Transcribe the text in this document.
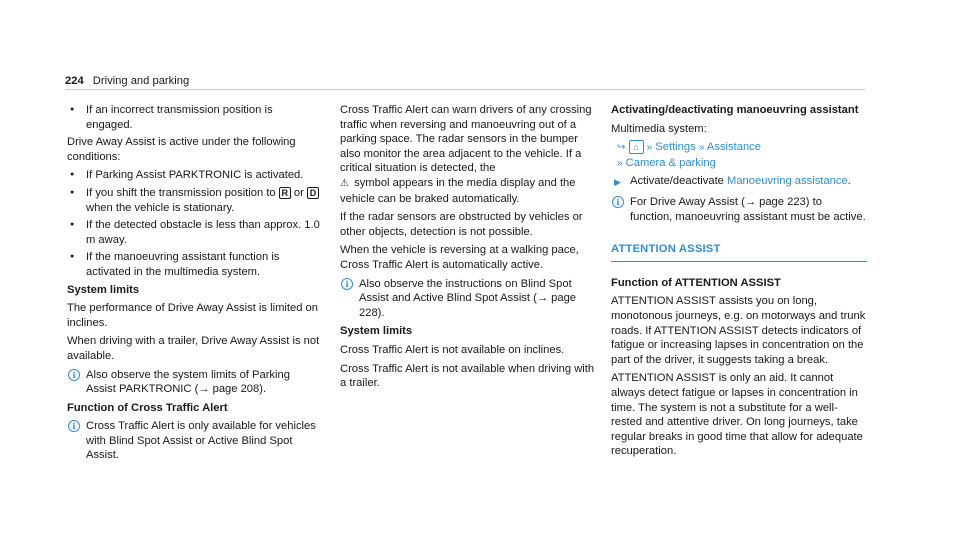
224 Driving and parking
● If an incorrect transmission position is engaged.

Drive Away Assist is active under the following conditions:

● If Parking Assist PARKTRONIC is activated.
● If you shift the transmission position to R or D when the vehicle is stationary.
● If the detected obstacle is less than approx. 1.0 m away.
● If the manoeuvring assistant function is activated in the multimedia system.

System limits

The performance of Drive Away Assist is limited on inclines.

When driving with a trailer, Drive Away Assist is not available.

i Also observe the system limits of Parking Assist PARKTRONIC (→ page 208).

Function of Cross Traffic Alert

i Cross Traffic Alert is only available for vehicles with Blind Spot Assist or Active Blind Spot Assist.

Cross Traffic Alert can warn drivers of any crossing traffic when reversing and manoeuvring out of a parking space. The radar sensors in the bumper also monitor the area adjacent to the vehicle. If a critical situation is detected, the
⚠ symbol appears in the media display and the vehicle can be braked automatically.

If the radar sensors are obstructed by vehicles or other objects, detection is not possible.

When the vehicle is reversing at a walking pace, Cross Traffic Alert is automatically active.

i Also observe the instructions on Blind Spot Assist and Active Blind Spot Assist (→ page 228).

System limits

Cross Traffic Alert is not available on inclines.

Cross Traffic Alert is not available when driving with a trailer.

Activating/deactivating manoeuvring assistant

Multimedia system:

↪ ⌂ » Settings » Assistance
» Camera & parking
▶ Activate/deactivate Manoeuvring assistance.
i For Drive Away Assist (→ page 223) to function, manoeuvring assistant must be active.
ATTENTION ASSIST

Function of ATTENTION ASSIST

ATTENTION ASSIST assists you on long, monotonous journeys, e.g. on motorways and trunk roads. If ATTENTION ASSIST detects indicators of fatigue or increasing lapses in concentration on the part of the driver, it suggests taking a break.

ATTENTION ASSIST is only an aid. It cannot always detect fatigue or lapses in concentration in time. The system is not a substitute for a well-rested and attentive driver. On long journeys, take regular breaks in good time that allow for adequate recuperation.
